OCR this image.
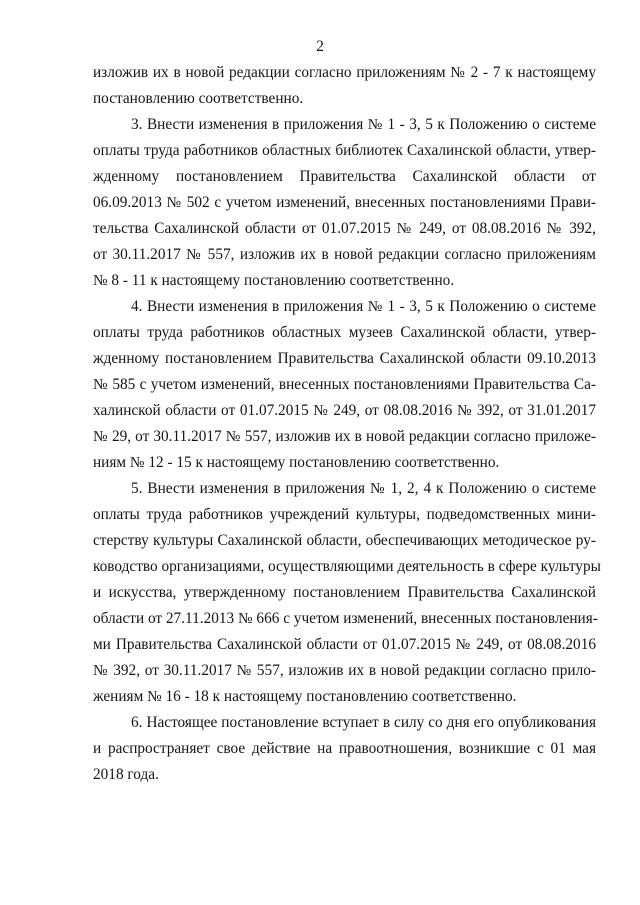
2
изложив их в новой редакции согласно приложениям № 2 - 7 к настоящему
постановлению соответственно.
3. Внести изменения в приложения № 1 - 3, 5 к Положению о системе
оплаты труда работников областных библиотек Сахалинской области, утвер-
жденному постановлением Правительства Сахалинской области от
06.09.2013 № 502 с учетом изменений, внесенных постановлениями Прави-
тельства Сахалинской области от 01.07.2015 № 249, от 08.08.2016 № 392,
от 30.11.2017 № 557, изложив их в новой редакции согласно приложениям
№ 8 - 11 к настоящему постановлению соответственно.
4. Внести изменения в приложения № 1 - 3, 5 к Положению о системе
оплаты труда работников областных музеев Сахалинской области, утвер-
жденному постановлением Правительства Сахалинской области 09.10.2013
№ 585 с учетом изменений, внесенных постановлениями Правительства Са-
халинской области от 01.07.2015 № 249, от 08.08.2016 № 392, от 31.01.2017
№ 29, от 30.11.2017 № 557, изложив их в новой редакции согласно приложе-
ниям № 12 - 15 к настоящему постановлению соответственно.
5. Внести изменения в приложения № 1, 2, 4 к Положению о системе
оплаты труда работников учреждений культуры, подведомственных мини-
стерству культуры Сахалинской области, обеспечивающих методическое ру-
ководство организациями, осуществляющими деятельность в сфере культуры
и искусства, утвержденному постановлением Правительства Сахалинской
области от 27.11.2013 № 666 с учетом изменений, внесенных постановления-
ми Правительства Сахалинской области от 01.07.2015 № 249, от 08.08.2016
№ 392, от 30.11.2017 № 557, изложив их в новой редакции согласно прило-
жениям № 16 - 18 к настоящему постановлению соответственно.
6. Настоящее постановление вступает в силу со дня его опубликования
и распространяет свое действие на правоотношения, возникшие с 01 мая
2018 года.
